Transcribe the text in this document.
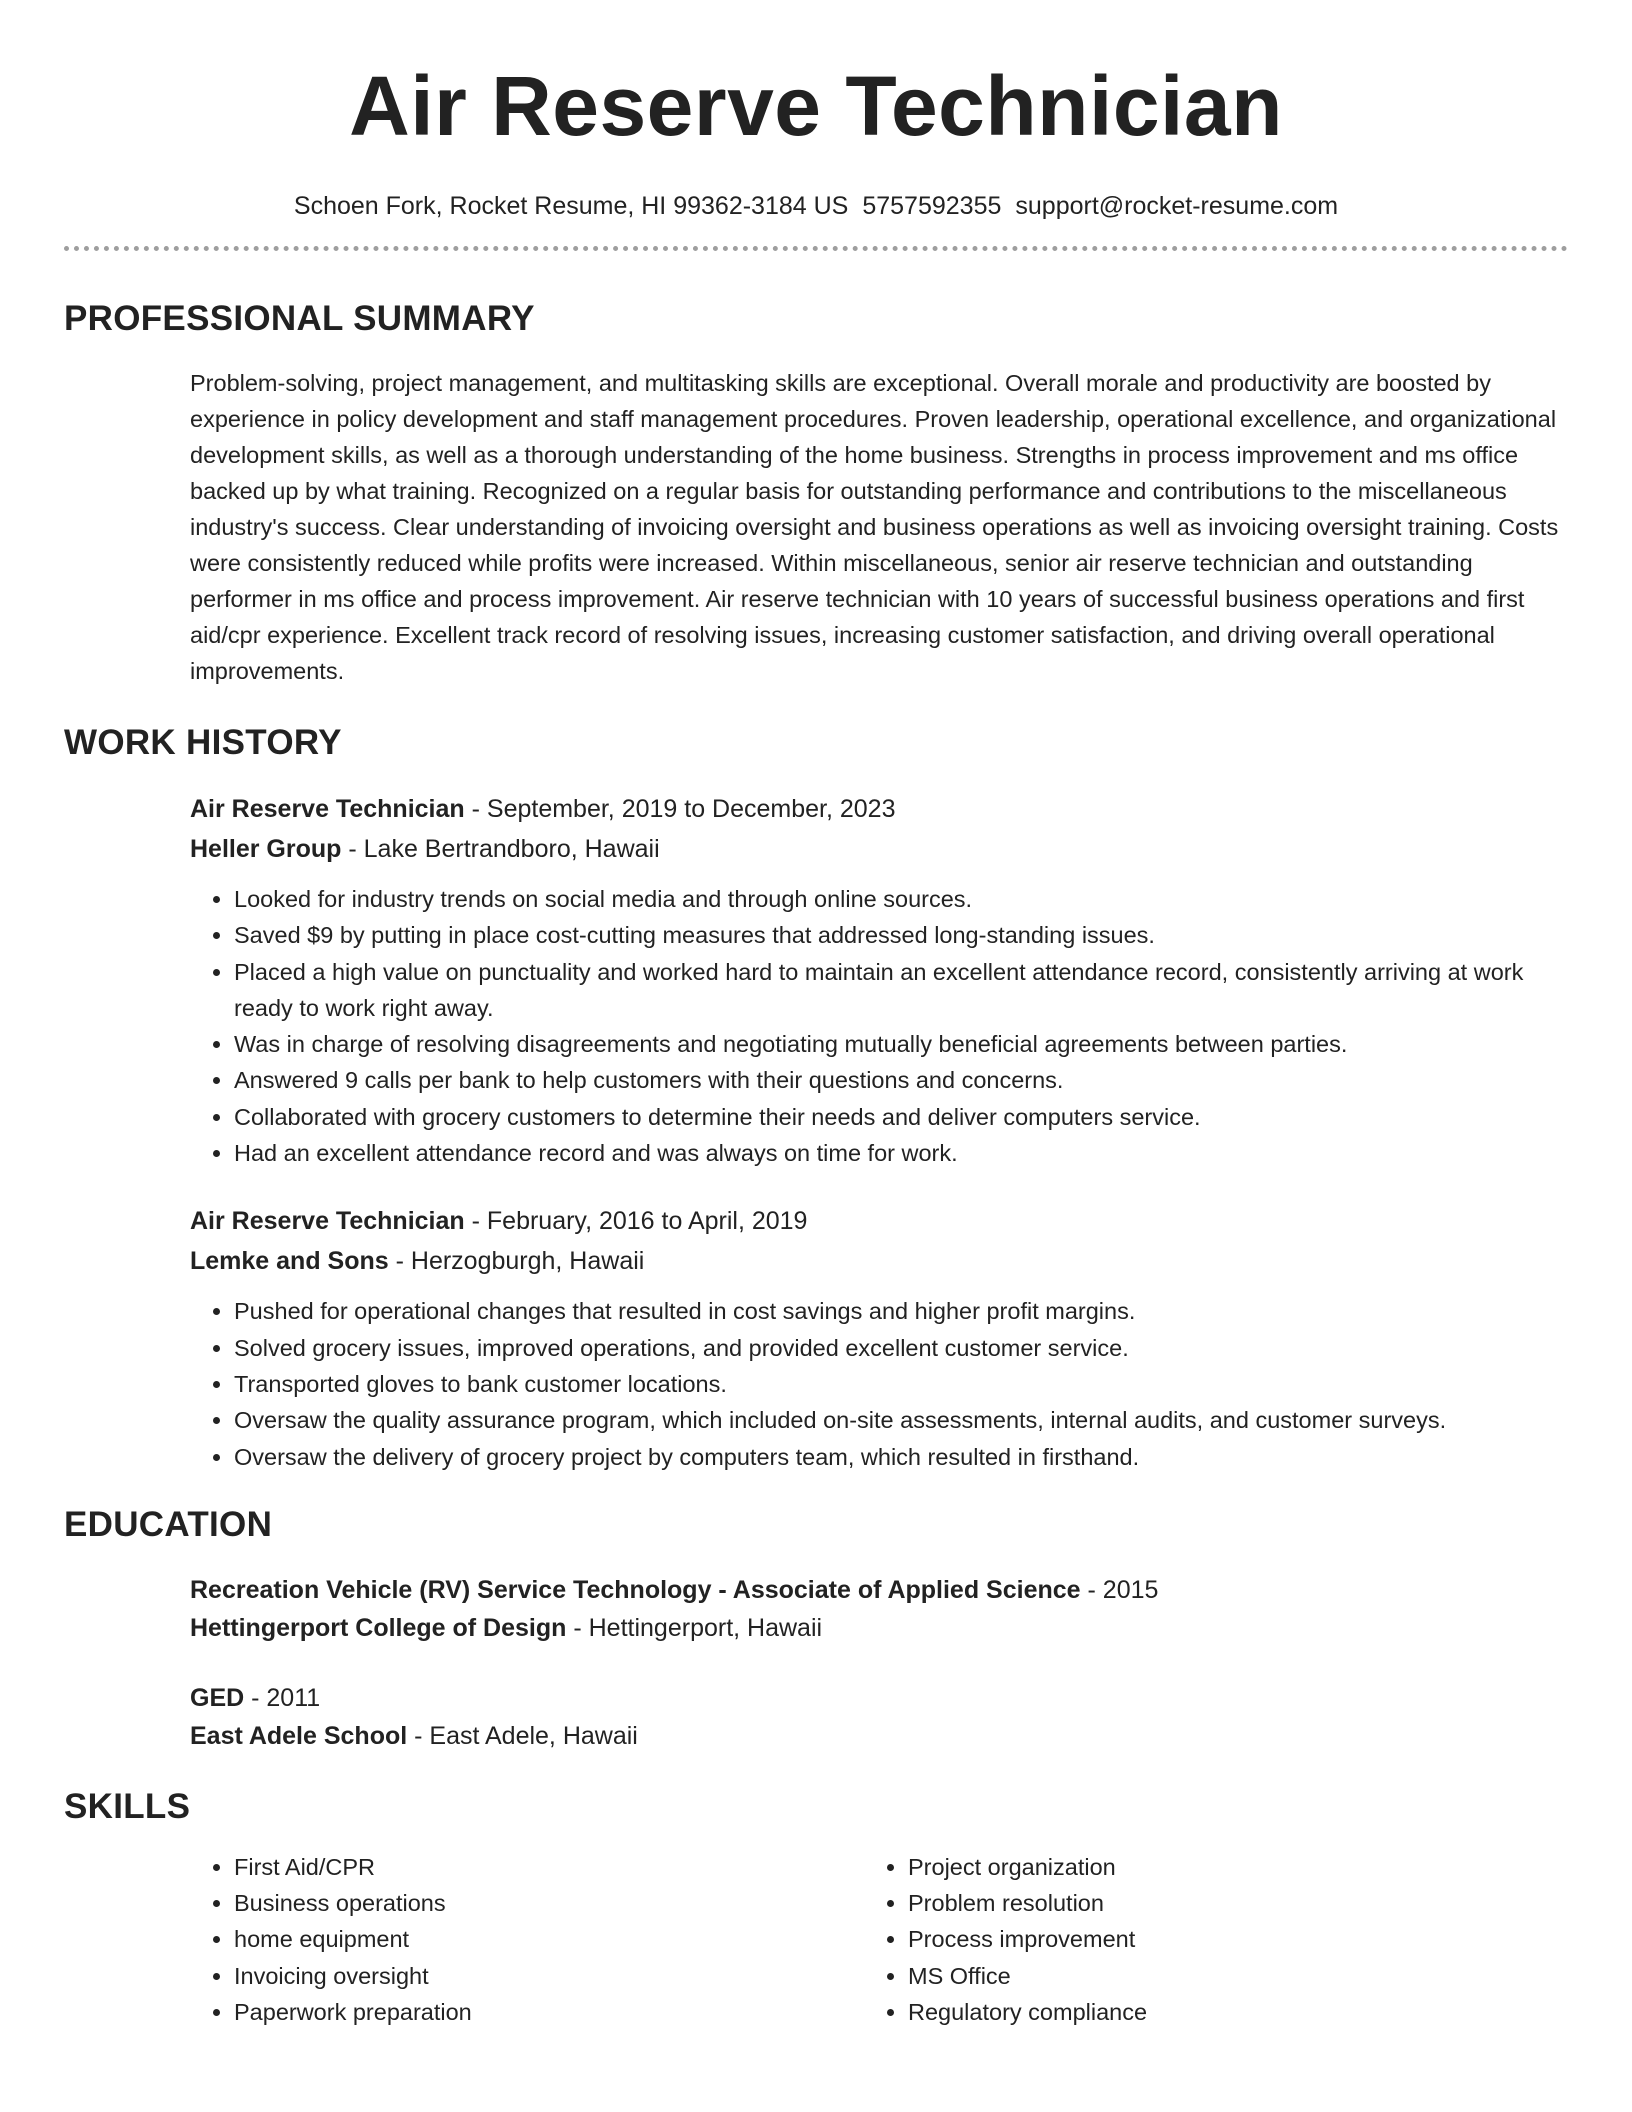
Air Reserve Technician
Schoen Fork, Rocket Resume, HI 99362-3184 US 5757592355 support@rocket-resume.com
PROFESSIONAL SUMMARY
Problem-solving, project management, and multitasking skills are exceptional. Overall morale and productivity are boosted by experience in policy development and staff management procedures. Proven leadership, operational excellence, and organizational development skills, as well as a thorough understanding of the home business. Strengths in process improvement and ms office backed up by what training. Recognized on a regular basis for outstanding performance and contributions to the miscellaneous industry's success. Clear understanding of invoicing oversight and business operations as well as invoicing oversight training. Costs were consistently reduced while profits were increased. Within miscellaneous, senior air reserve technician and outstanding performer in ms office and process improvement. Air reserve technician with 10 years of successful business operations and first aid/cpr experience. Excellent track record of resolving issues, increasing customer satisfaction, and driving overall operational improvements.
WORK HISTORY
Air Reserve Technician - September, 2019 to December, 2023
Heller Group - Lake Bertrandboro, Hawaii
• Looked for industry trends on social media and through online sources.
• Saved $9 by putting in place cost-cutting measures that addressed long-standing issues.
• Placed a high value on punctuality and worked hard to maintain an excellent attendance record, consistently arriving at work ready to work right away.
• Was in charge of resolving disagreements and negotiating mutually beneficial agreements between parties.
• Answered 9 calls per bank to help customers with their questions and concerns.
• Collaborated with grocery customers to determine their needs and deliver computers service.
• Had an excellent attendance record and was always on time for work.
Air Reserve Technician - February, 2016 to April, 2019
Lemke and Sons - Herzogburgh, Hawaii
• Pushed for operational changes that resulted in cost savings and higher profit margins.
• Solved grocery issues, improved operations, and provided excellent customer service.
• Transported gloves to bank customer locations.
• Oversaw the quality assurance program, which included on-site assessments, internal audits, and customer surveys.
• Oversaw the delivery of grocery project by computers team, which resulted in firsthand.
EDUCATION
Recreation Vehicle (RV) Service Technology - Associate of Applied Science - 2015
Hettingerport College of Design - Hettingerport, Hawaii
GED - 2011
East Adele School - East Adele, Hawaii
SKILLS
• First Aid/CPR
• Business operations
• home equipment
• Invoicing oversight
• Paperwork preparation
• Project organization
• Problem resolution
• Process improvement
• MS Office
• Regulatory compliance
